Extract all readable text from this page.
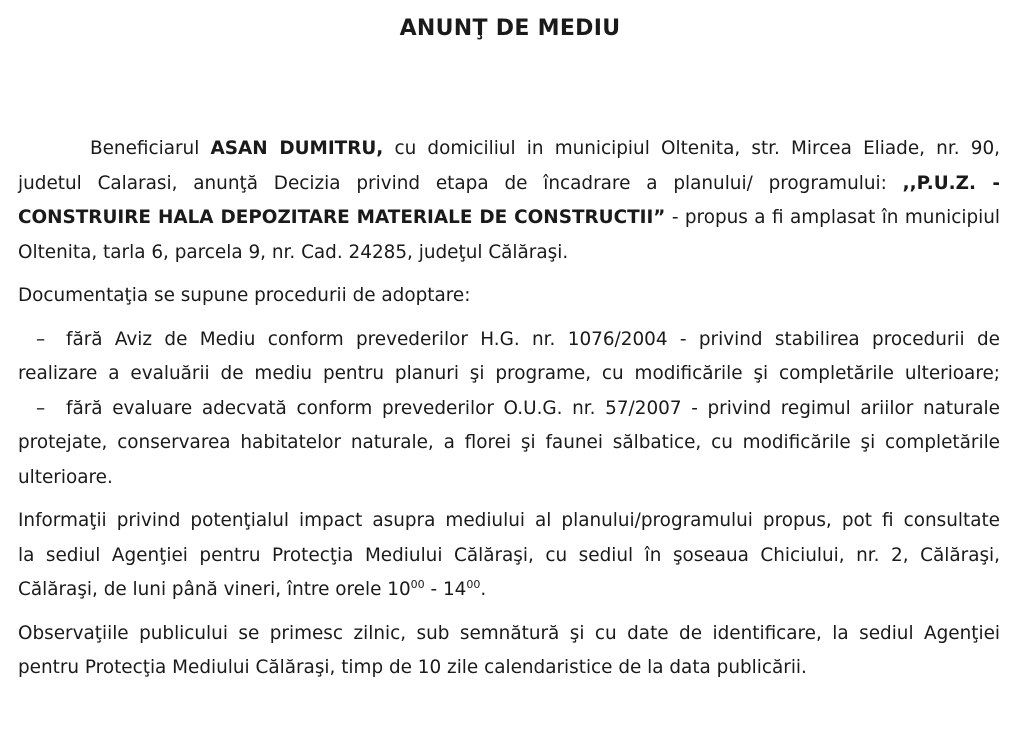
ANUNŢ DE MEDIU
Beneficiarul ASAN DUMITRU, cu domiciliul in municipiul Oltenita, str. Mircea Eliade, nr. 90,
judetul Calarasi, anunţă Decizia privind etapa de încadrare a planului/ programului: ,,P.U.Z. -
CONSTRUIRE HALA DEPOZITARE MATERIALE DE CONSTRUCTII” - propus a fi amplasat în municipiul
Oltenita, tarla 6, parcela 9, nr. Cad. 24285, judeţul Călăraşi.
Documentaţia se supune procedurii de adoptare:
– fără Aviz de Mediu conform prevederilor H.G. nr. 1076/2004 - privind stabilirea procedurii de
realizare a evaluării de mediu pentru planuri şi programe, cu modificările şi completările ulterioare;
– fără evaluare adecvată conform prevederilor O.U.G. nr. 57/2007 - privind regimul ariilor naturale
protejate, conservarea habitatelor naturale, a florei şi faunei sălbatice, cu modificările şi completările
ulterioare.
Informaţii privind potenţialul impact asupra mediului al planului/programului propus, pot fi consultate
la sediul Agenţiei pentru Protecţia Mediului Călăraşi, cu sediul în şoseaua Chiciului, nr. 2, Călăraşi,
Călăraşi, de luni până vineri, între orele $10^{00} - 14^{00}$.
Observaţiile publicului se primesc zilnic, sub semnătură şi cu date de identificare, la sediul Agenţiei
pentru Protecţia Mediului Călăraşi, timp de 10 zile calendaristice de la data publicării.
